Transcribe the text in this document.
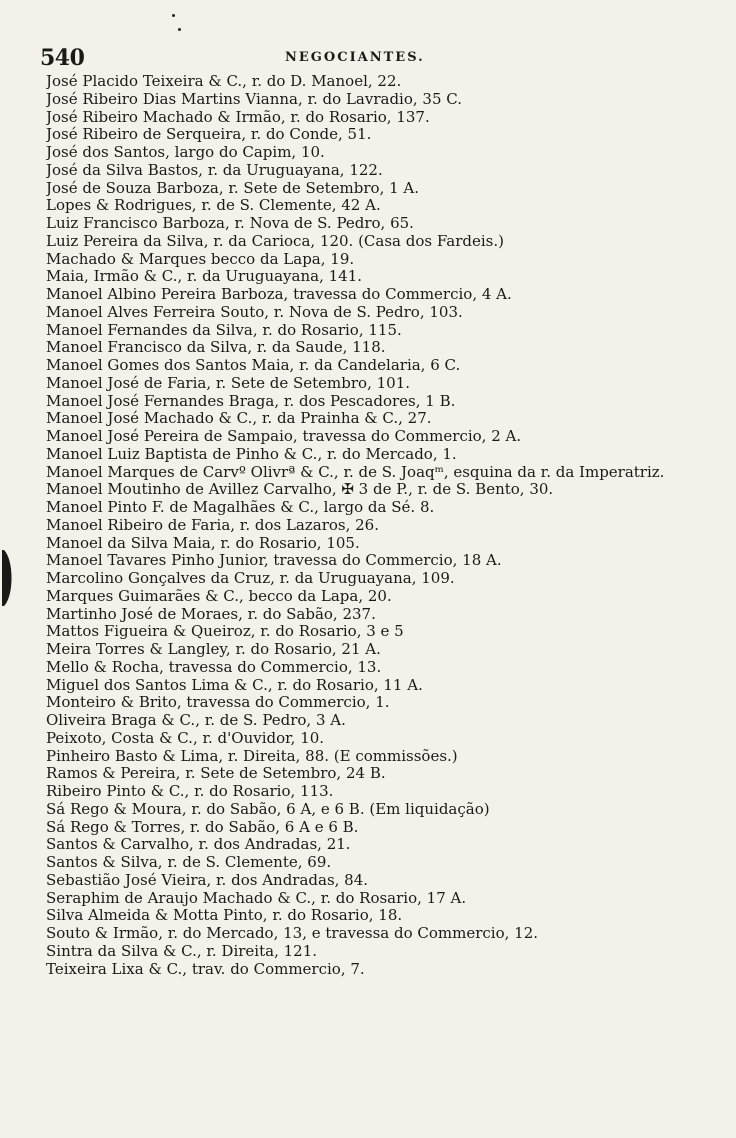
540	NEGOCIANTES.
José Placido Teixeira & C., r. do D. Manoel, 22.
José Ribeiro Dias Martins Vianna, r. do Lavradio, 35 C.
José Ribeiro Machado & Irmão, r. do Rosario, 137.
José Ribeiro de Serqueira, r. do Conde, 51.
José dos Santos, largo do Capim, 10.
José da Silva Bastos, r. da Uruguayana, 122.
José de Souza Barboza, r. Sete de Setembro, 1 A.
Lopes & Rodrigues, r. de S. Clemente, 42 A.
Luiz Francisco Barboza, r. Nova de S. Pedro, 65.
Luiz Pereira da Silva, r. da Carioca, 120. (Casa dos Fardeis.)
Machado & Marques becco da Lapa, 19.
Maia, Irmão & C., r. da Uruguayana, 141.
Manoel Albino Pereira Barboza, travessa do Commercio, 4 A.
Manoel Alves Ferreira Souto, r. Nova de S. Pedro, 103.
Manoel Fernandes da Silva, r. do Rosario, 115.
Manoel Francisco da Silva, r. da Saude, 118.
Manoel Gomes dos Santos Maia, r. da Candelaria, 6 C.
Manoel José de Faria, r. Sete de Setembro, 101.
Manoel José Fernandes Braga, r. dos Pescadores, 1 B.
Manoel José Machado & C., r. da Prainha & C., 27.
Manoel José Pereira de Sampaio, travessa do Commercio, 2 A.
Manoel Luiz Baptista de Pinho & C., r. do Mercado, 1.
Manoel Marques de Carvº Olivrª & C., r. de S. Joaqᵐ, esquina da r. da Imperatriz.
Manoel Moutinho de Avillez Carvalho, ✠ 3 de P., r. de S. Bento, 30.
Manoel Pinto F. de Magalhães & C., largo da Sé. 8.
Manoel Ribeiro de Faria, r. dos Lazaros, 26.
Manoel da Silva Maia, r. do Rosario, 105.
Manoel Tavares Pinho Junior, travessa do Commercio, 18 A.
Marcolino Gonçalves da Cruz, r. da Uruguayana, 109.
Marques Guimarães & C., becco da Lapa, 20.
Martinho José de Moraes, r. do Sabão, 237.
Mattos Figueira & Queiroz, r. do Rosario, 3 e 5
Meira Torres & Langley, r. do Rosario, 21 A.
Mello & Rocha, travessa do Commercio, 13.
Miguel dos Santos Lima & C., r. do Rosario, 11 A.
Monteiro & Brito, travessa do Commercio, 1.
Oliveira Braga & C., r. de S. Pedro, 3 A.
Peixoto, Costa & C., r. d'Ouvidor, 10.
Pinheiro Basto & Lima, r. Direita, 88. (E commissões.)
Ramos & Pereira, r. Sete de Setembro, 24 B.
Ribeiro Pinto & C., r. do Rosario, 113.
Sá Rego & Moura, r. do Sabão, 6 A, e 6 B. (Em liquidação)
Sá Rego & Torres, r. do Sabão, 6 A e 6 B.
Santos & Carvalho, r. dos Andradas, 21.
Santos & Silva, r. de S. Clemente, 69.
Sebastião José Vieira, r. dos Andradas, 84.
Seraphim de Araujo Machado & C., r. do Rosario, 17 A.
Silva Almeida & Motta Pinto, r. do Rosario, 18.
Souto & Irmão, r. do Mercado, 13, e travessa do Commercio, 12.
Sintra da Silva & C., r. Direita, 121.
Teixeira Lixa & C., trav. do Commercio, 7.
